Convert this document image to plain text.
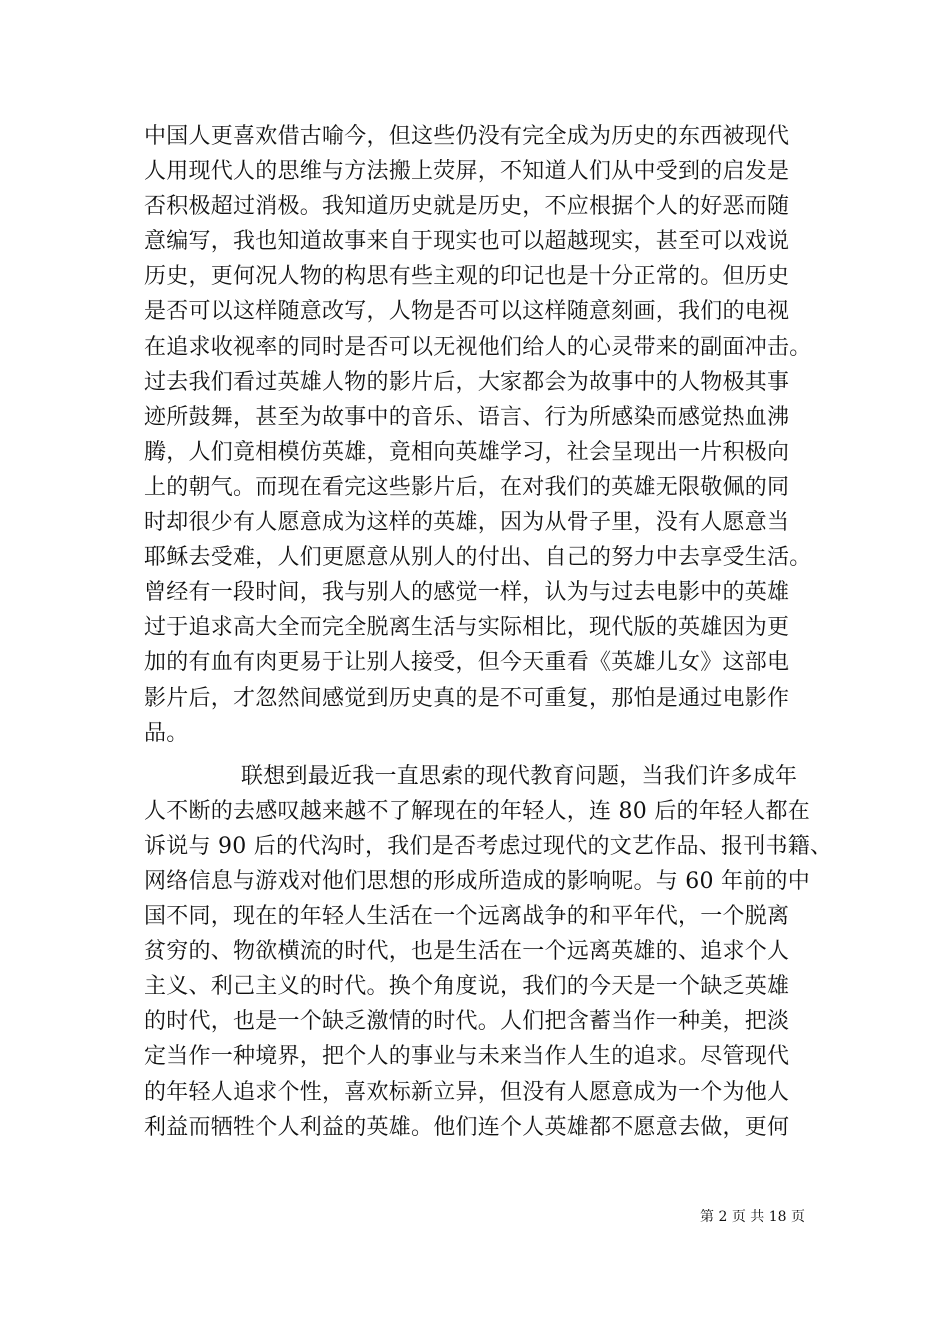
中国人更喜欢借古喻今，但这些仍没有完全成为历史的东西被现代
人用现代人的思维与方法搬上荧屏，不知道人们从中受到的启发是
否积极超过消极。我知道历史就是历史，不应根据个人的好恶而随
意编写，我也知道故事来自于现实也可以超越现实，甚至可以戏说
历史，更何况人物的构思有些主观的印记也是十分正常的。但历史
是否可以这样随意改写，人物是否可以这样随意刻画，我们的电视
在追求收视率的同时是否可以无视他们给人的心灵带来的副面冲击。
过去我们看过英雄人物的影片后，大家都会为故事中的人物极其事
迹所鼓舞，甚至为故事中的音乐、语言、行为所感染而感觉热血沸
腾，人们竟相模仿英雄，竟相向英雄学习，社会呈现出一片积极向
上的朝气。而现在看完这些影片后，在对我们的英雄无限敬佩的同
时却很少有人愿意成为这样的英雄，因为从骨子里，没有人愿意当
耶稣去受难，人们更愿意从别人的付出、自己的努力中去享受生活。
曾经有一段时间，我与别人的感觉一样，认为与过去电影中的英雄
过于追求高大全而完全脱离生活与实际相比，现代版的英雄因为更
加的有血有肉更易于让别人接受，但今天重看《英雄儿女》这部电
影片后，才忽然间感觉到历史真的是不可重复，那怕是通过电影作
品。
联想到最近我一直思索的现代教育问题，当我们许多成年
人不断的去感叹越来越不了解现在的年轻人，连 80 后的年轻人都在
诉说与 90 后的代沟时，我们是否考虑过现代的文艺作品、报刊书籍、
网络信息与游戏对他们思想的形成所造成的影响呢。与 60 年前的中
国不同，现在的年轻人生活在一个远离战争的和平年代，一个脱离
贫穷的、物欲横流的时代，也是生活在一个远离英雄的、追求个人
主义、利己主义的时代。换个角度说，我们的今天是一个缺乏英雄
的时代，也是一个缺乏激情的时代。人们把含蓄当作一种美，把淡
定当作一种境界，把个人的事业与未来当作人生的追求。尽管现代
的年轻人追求个性，喜欢标新立异，但没有人愿意成为一个为他人
利益而牺牲个人利益的英雄。他们连个人英雄都不愿意去做，更何
第 2 页 共 18 页
